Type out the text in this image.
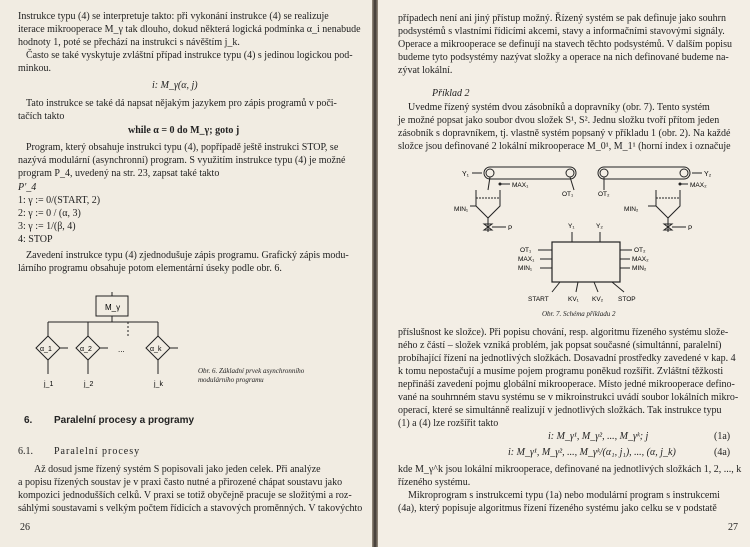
Instrukce typu (4) se interpretuje takto: při vykonání instrukce (4) se realizuje
iterace mikrooperace M_γ tak dlouho, dokud některá logická podmínka α_i nenabude
hodnoty 1, poté se přechází na instrukci s návěštím j_k.
Často se také vyskytuje zvláštní případ instrukce typu (4) s jedinou logickou pod-
minkou.
i: M_γ(α, j)
Tato instrukce se také dá napsat nějakým jazykem pro zápis programů v poči-
tačích takto
while α = 0 do M_γ; goto j
Program, který obsahuje instrukci typu (4), popřípadě ještě instrukci STOP, se
nazývá modulární (asynchronní) program. S využitím instrukce typu (4) je možné
program P_4, uvedený na str. 23, zapsat také takto
P'_4
1: γ := 0/(START, 2)
2: γ := 0 / (α, 3)
3: γ := 1/(β, 4)
4: STOP
Zavedení instrukce typu (4) zjednodušuje zápis programu. Grafický zápis modu-
lárního programu obsahuje potom elementární úseky podle obr. 6.
M_γ
α_1	α_2	α_k
...
j_1	j_2	j_k
Obr. 6. Základní prvek asynchronního
modulárního programu
6. Paralelní procesy a programy
6.1. Paralelní procesy
Až dosud jsme řízený systém S popisovali jako jeden celek. Při analýze
a popisu řízených soustav je v praxi často nutné a přirozené chápat soustavu jako
kompozici jednodušších celků. V praxi se totiž obyčejně pracuje se složitými a roz-
sáhlými soustavami s velkým počtem řídicích a stavových proměnných. V takovýchto
26
případech není ani jiný přístup možný. Řízený systém se pak definuje jako souhrn
podsystémů s vlastními řídicími akcemi, stavy a informačními stavovými signály.
Operace a mikrooperace se definují na stavech těchto podsystémů. V dalším popisu
budeme tyto podsystémy nazývat složky a operace na nich definované budeme na-
zývat lokální.
Příklad 2
Uvedme řízený systém dvou zásobníků a dopravníky (obr. 7). Tento systém
je možné popsat jako soubor dvou složek S¹, S². Jednu složku tvoří přítom jeden
zásobník s dopravníkem, tj. vlastně systém popsaný v příkladu 1 (obr. 2). Na každé
složce jsou definované 2 lokální mikrooperace M_0¹, M_1¹ (horní index i označuje
Y₁
OT₁
MAX₁
MIN₁
P
Y₂
OT₂
MAX₂
MIN₂
P
Y₁	Y₂
OT₁
MAX₁
MIN₁
OT₂
MAX₂
MIN₂
START	KV₁ KV₂ STOP
Obr. 7. Schéma příkladu 2
příslušnost ke složce). Při popisu chování, resp. algoritmu řízeného systému slože-
ného z částí – složek vzniká problém, jak popsat současné (simultánní, paralelní)
probíhající řízení na jednotlivých složkách. Dosavadní prostředky zavedené v kap. 4
k tomu nepostačují a musíme pojem programu poněkud rozšířit. Zvláštní těžkosti
nepřináší zavedení pojmu globální mikrooperace. Místo jedné mikrooperace defino-
vané na souhrnném stavu systému se v mikroinstrukci uvádí soubor lokálních mikro-
operací, které se simultánně realizují v jednotlivých složkách. Tak instrukce typu
(1) a (4) lze rozšířit takto
i: M_γ¹, M_γ², ..., M_γᵏ; j	(1a)
i: M_γ¹, M_γ², ..., M_γᵏ/(α₁, j₁), ..., (α, j_k)	(4a)
kde M_γ^k jsou lokální mikrooperace, definované na jednotlivých složkách 1, 2, ..., k
řízeného systému.
Mikroprogram s instrukcemi typu (1a) nebo modulární program s instrukcemi
(4a), který popisuje algoritmus řízení řízeného systému jako celku se v podstatě
27
